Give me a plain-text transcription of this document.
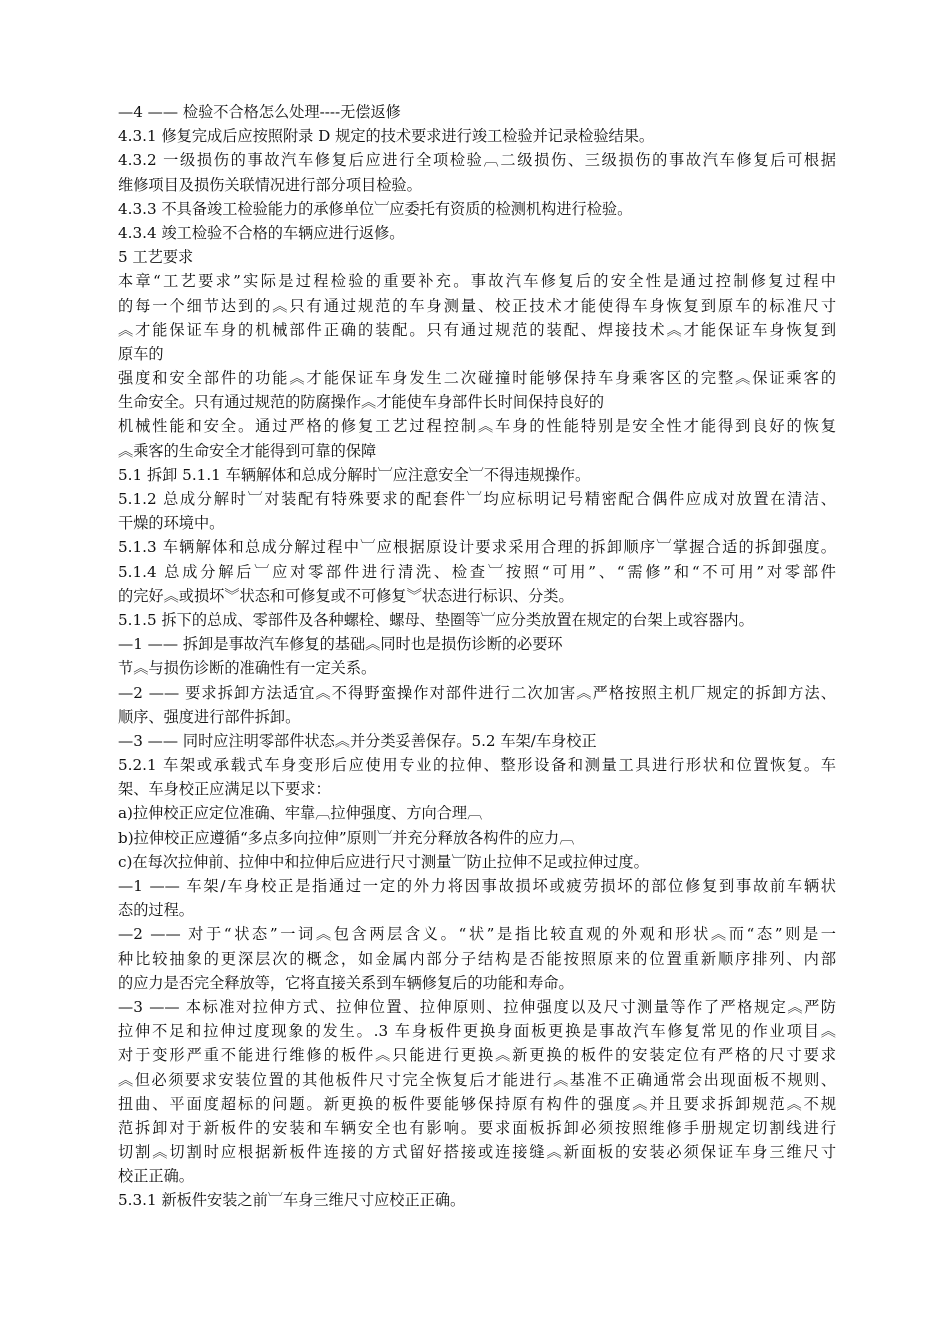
—4 —— 检验不合格怎么处理----无偿返修
4.3.1 修复完成后应按照附录 D 规定的技术要求进行竣工检验并记录检验结果。
4.3.2 一级损伤的事故汽车修复后应进行全项检验︹二级损伤、三级损伤的事故汽车修复后可根据
维修项目及损伤关联情况进行部分项目检验。
4.3.3 不具备竣工检验能力的承修单位︺应委托有资质的检测机构进行检验。
4.3.4 竣工检验不合格的车辆应进行返修。
5 工艺要求
本章“工艺要求”实际是过程检验的重要补充。事故汽车修复后的安全性是通过控制修复过程中
的每一个细节达到的︽只有通过规范的车身测量、校正技术才能使得车身恢复到原车的标准尺寸
︽才能保证车身的机械部件正确的装配。只有通过规范的装配、焊接技术︽才能保证车身恢复到
原车的
强度和安全部件的功能︽才能保证车身发生二次碰撞时能够保持车身乘客区的完整︽保证乘客的
生命安全。只有通过规范的防腐操作︽才能使车身部件长时间保持良好的
机械性能和安全。通过严格的修复工艺过程控制︽车身的性能特别是安全性才能得到良好的恢复
︽乘客的生命安全才能得到可靠的保障
5.1 拆卸 5.1.1 车辆解体和总成分解时︺应注意安全︺不得违规操作。
5.1.2 总成分解时︺对装配有特殊要求的配套件︺均应标明记号精密配合偶件应成对放置在清洁、
干燥的环境中。
5.1.3 车辆解体和总成分解过程中︺应根据原设计要求采用合理的拆卸顺序︺掌握合适的拆卸强度。
5.1.4 总成分解后︺应对零部件进行清洗、检查︺按照“可用”、“需修”和“不可用”对零部件
的完好︽或损坏︾状态和可修复或不可修复︾状态进行标识、分类。
5.1.5 拆下的总成、零部件及各种螺栓、螺母、垫圈等︺应分类放置在规定的台架上或容器内。
—1 —— 拆卸是事故汽车修复的基础︽同时也是损伤诊断的必要环
节︽与损伤诊断的准确性有一定关系。
—2 —— 要求拆卸方法适宜︽不得野蛮操作对部件进行二次加害︽严格按照主机厂规定的拆卸方法、
顺序、强度进行部件拆卸。
—3 —— 同时应注明零部件状态︽并分类妥善保存。5.2 车架/车身校正
5.2.1 车架或承载式车身变形后应使用专业的拉伸、整形设备和测量工具进行形状和位置恢复。车
架、车身校正应满足以下要求：
a)拉伸校正应定位准确、牢靠︹拉伸强度、方向合理︹
b)拉伸校正应遵循“多点多向拉伸”原则︺并充分释放各构件的应力︹
c)在每次拉伸前、拉伸中和拉伸后应进行尺寸测量︺防止拉伸不足或拉伸过度。
—1 —— 车架/车身校正是指通过一定的外力将因事故损坏或疲劳损坏的部位修复到事故前车辆状
态的过程。
—2 —— 对于“状态”一词︽包含两层含义。“状”是指比较直观的外观和形状︽而“态”则是一
种比较抽象的更深层次的概念，如金属内部分子结构是否能按照原来的位置重新顺序排列、内部
的应力是否完全释放等，它将直接关系到车辆修复后的功能和寿命。
—3 —— 本标准对拉伸方式、拉伸位置、拉伸原则、拉伸强度以及尺寸测量等作了严格规定︽严防
拉伸不足和拉伸过度现象的发生。.3 车身板件更换身面板更换是事故汽车修复常见的作业项目︽
对于变形严重不能进行维修的板件︽只能进行更换︽新更换的板件的安装定位有严格的尺寸要求
︽但必须要求安装位置的其他板件尺寸完全恢复后才能进行︽基准不正确通常会出现面板不规则、
扭曲、平面度超标的问题。新更换的板件要能够保持原有构件的强度︽并且要求拆卸规范︽不规
范拆卸对于新板件的安装和车辆安全也有影响。要求面板拆卸必须按照维修手册规定切割线进行
切割︽切割时应根据新板件连接的方式留好搭接或连接缝︽新面板的安装必须保证车身三维尺寸
校正正确。
5.3.1 新板件安装之前︺车身三维尺寸应校正正确。
